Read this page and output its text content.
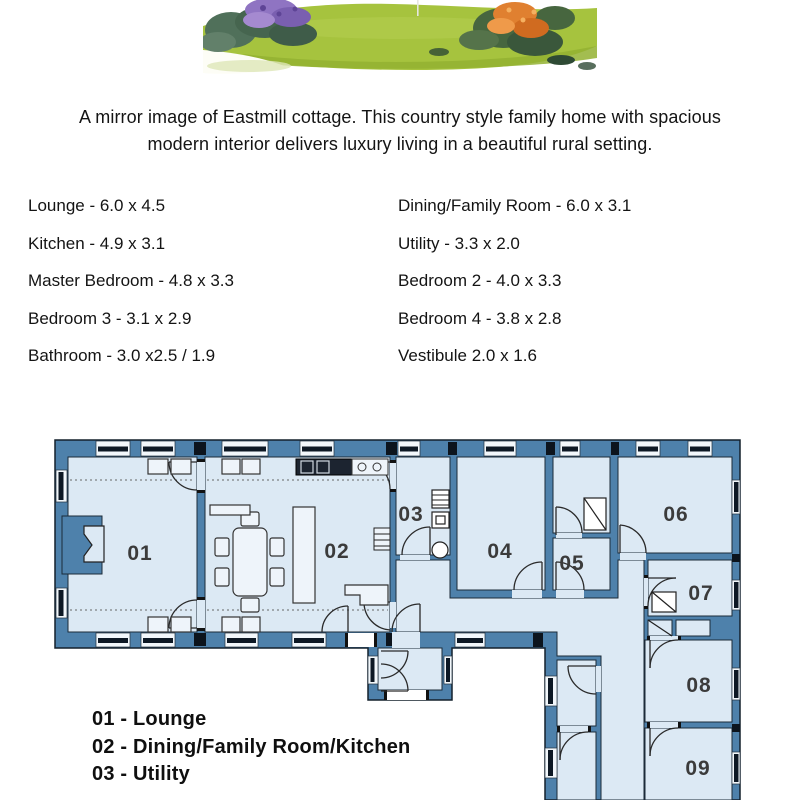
A mirror image of Eastmill cottage. This country style family home with spacious
modern interior delivers luxury living in a beautiful rural setting.
Lounge - 6.0 x 4.5
Kitchen - 4.9 x 3.1
Master Bedroom - 4.8 x 3.3
Bedroom 3 - 3.1 x 2.9
Bathroom - 3.0 x2.5 / 1.9
Dining/Family Room - 6.0 x 3.1
Utility - 3.3 x 2.0
Bedroom 2 - 4.0 x 3.3
Bedroom 4 - 3.8 x 2.8
Vestibule 2.0 x 1.6
01	02
03
04
05
06
07
08
09
01 - Lounge
02 - Dining/Family Room/Kitchen
03 - Utility
